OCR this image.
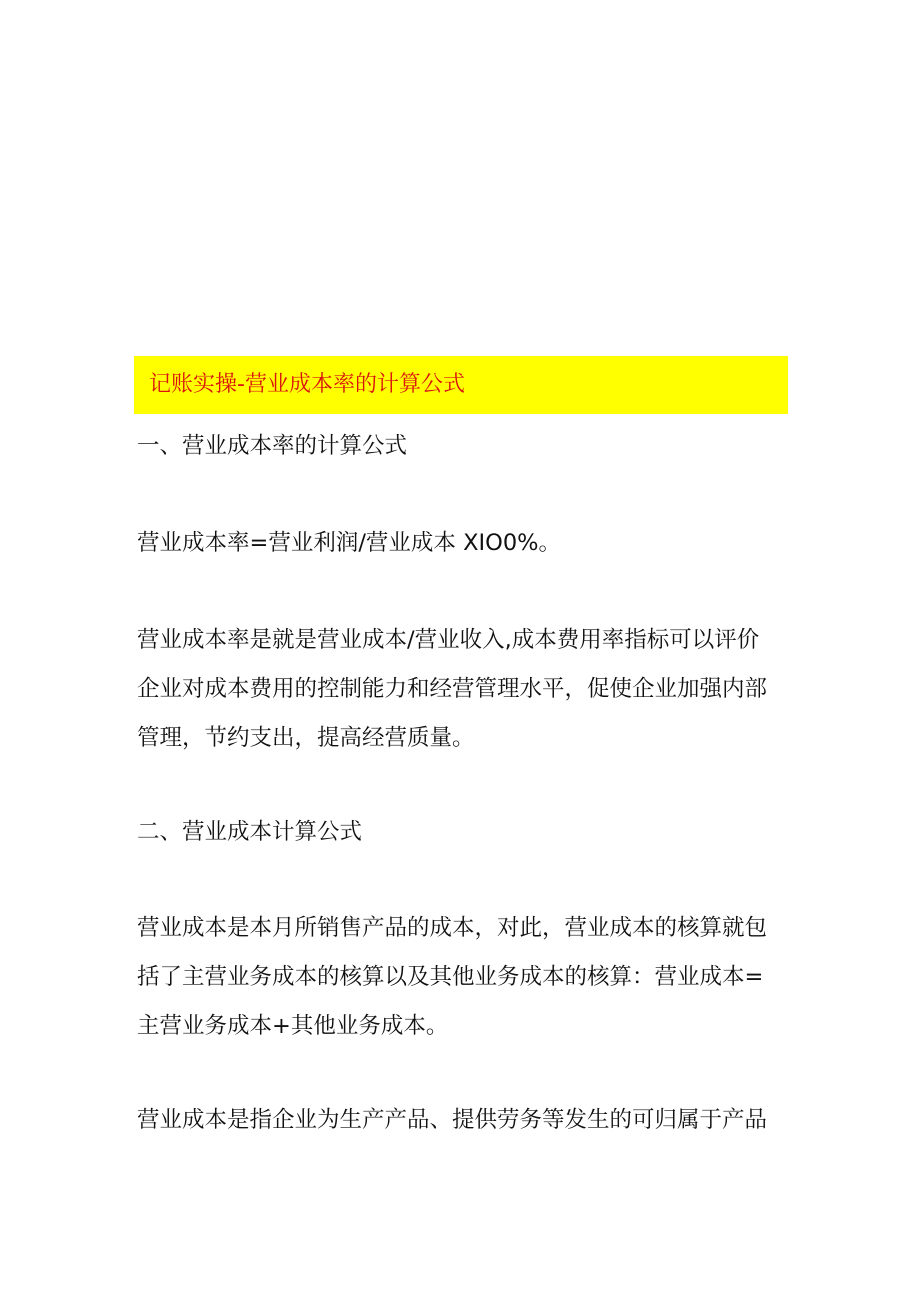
记账实操-营业成本率的计算公式
一、营业成本率的计算公式
营业成本率=营业利润/营业成本 XIO0%。
营业成本率是就是营业成本/营业收入,成本费用率指标可以评价
企业对成本费用的控制能力和经营管理水平，促使企业加强内部
管理，节约支出，提高经营质量。
二、营业成本计算公式
营业成本是本月所销售产品的成本，对此，营业成本的核算就包
括了主营业务成本的核算以及其他业务成本的核算：营业成本=
主营业务成本+其他业务成本。
营业成本是指企业为生产产品、提供劳务等发生的可归属于产品
